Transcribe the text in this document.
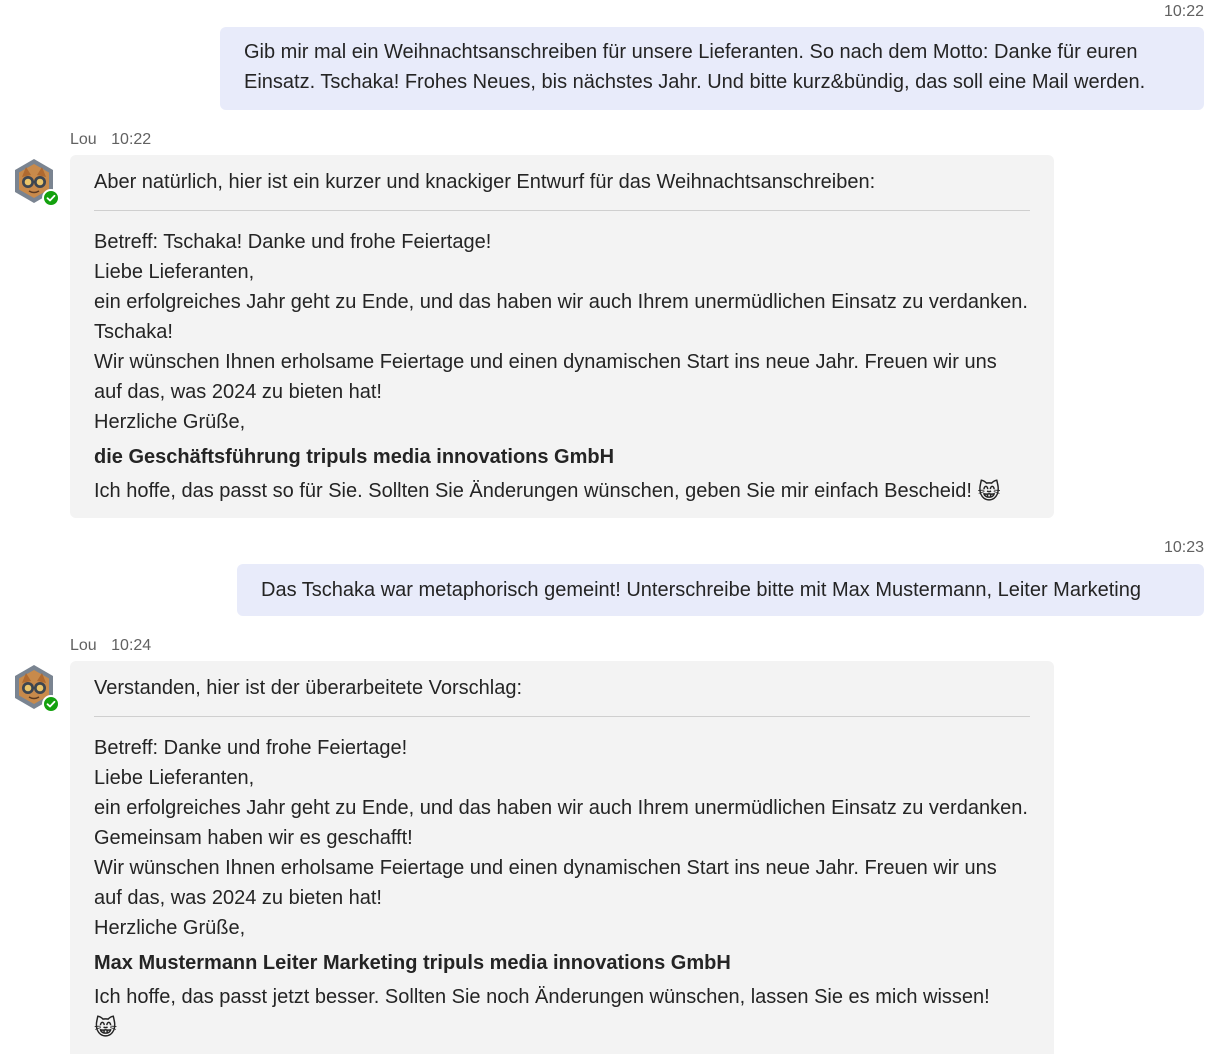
10:22
Gib mir mal ein Weihnachtsanschreiben für unsere Lieferanten. So nach dem Motto: Danke für euren Einsatz. Tschaka! Frohes Neues, bis nächstes Jahr. Und bitte kurz&bündig, das soll eine Mail werden.
Lou 10:22

Aber natürlich, hier ist ein kurzer und knackiger Entwurf für das Weihnachtsanschreiben:

Betreff: Tschaka! Danke und frohe Feiertage!
Liebe Lieferanten,
ein erfolgreiches Jahr geht zu Ende, und das haben wir auch Ihrem unermüdlichen Einsatz zu verdanken. Tschaka!
Wir wünschen Ihnen erholsame Feiertage und einen dynamischen Start ins neue Jahr. Freuen wir uns auf das, was 2024 zu bieten hat!
Herzliche Grüße,
die Geschäftsführung tripuls media innovations GmbH
Ich hoffe, das passt so für Sie. Sollten Sie Änderungen wünschen, geben Sie mir einfach Bescheid! 😸
10:23
Das Tschaka war metaphorisch gemeint! Unterschreibe bitte mit Max Mustermann, Leiter Marketing
Lou 10:24

Verstanden, hier ist der überarbeitete Vorschlag:

Betreff: Danke und frohe Feiertage!
Liebe Lieferanten,
ein erfolgreiches Jahr geht zu Ende, und das haben wir auch Ihrem unermüdlichen Einsatz zu verdanken. Gemeinsam haben wir es geschafft!
Wir wünschen Ihnen erholsame Feiertage und einen dynamischen Start ins neue Jahr. Freuen wir uns auf das, was 2024 zu bieten hat!
Herzliche Grüße,
Max Mustermann Leiter Marketing tripuls media innovations GmbH
Ich hoffe, das passt jetzt besser. Sollten Sie noch Änderungen wünschen, lassen Sie es mich wissen!
😸
